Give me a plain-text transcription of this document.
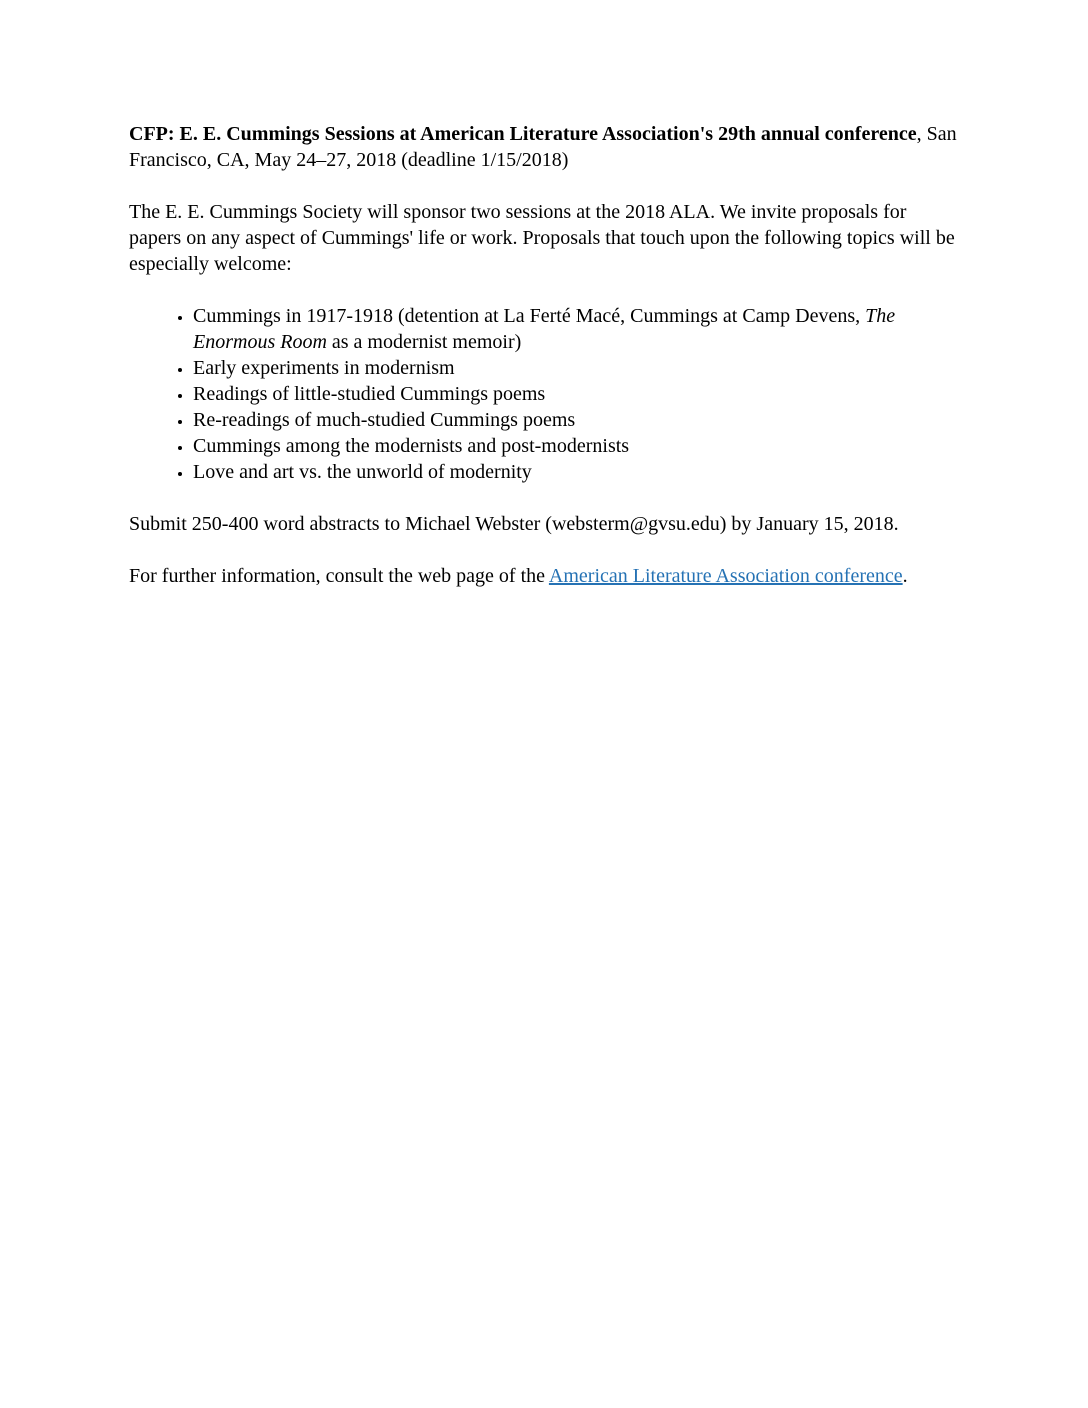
CFP: E. E. Cummings Sessions at American Literature Association's 29th annual conference, San Francisco, CA, May 24–27, 2018 (deadline 1/15/2018)

The E. E. Cummings Society will sponsor two sessions at the 2018 ALA. We invite proposals for papers on any aspect of Cummings' life or work. Proposals that touch upon the following topics will be especially welcome:

• Cummings in 1917-1918 (detention at La Ferté Macé, Cummings at Camp Devens, The Enormous Room as a modernist memoir)
• Early experiments in modernism
• Readings of little-studied Cummings poems
• Re-readings of much-studied Cummings poems
• Cummings among the modernists and post-modernists
• Love and art vs. the unworld of modernity

Submit 250-400 word abstracts to Michael Webster (websterm@gvsu.edu) by January 15, 2018.

For further information, consult the web page of the American Literature Association conference.
